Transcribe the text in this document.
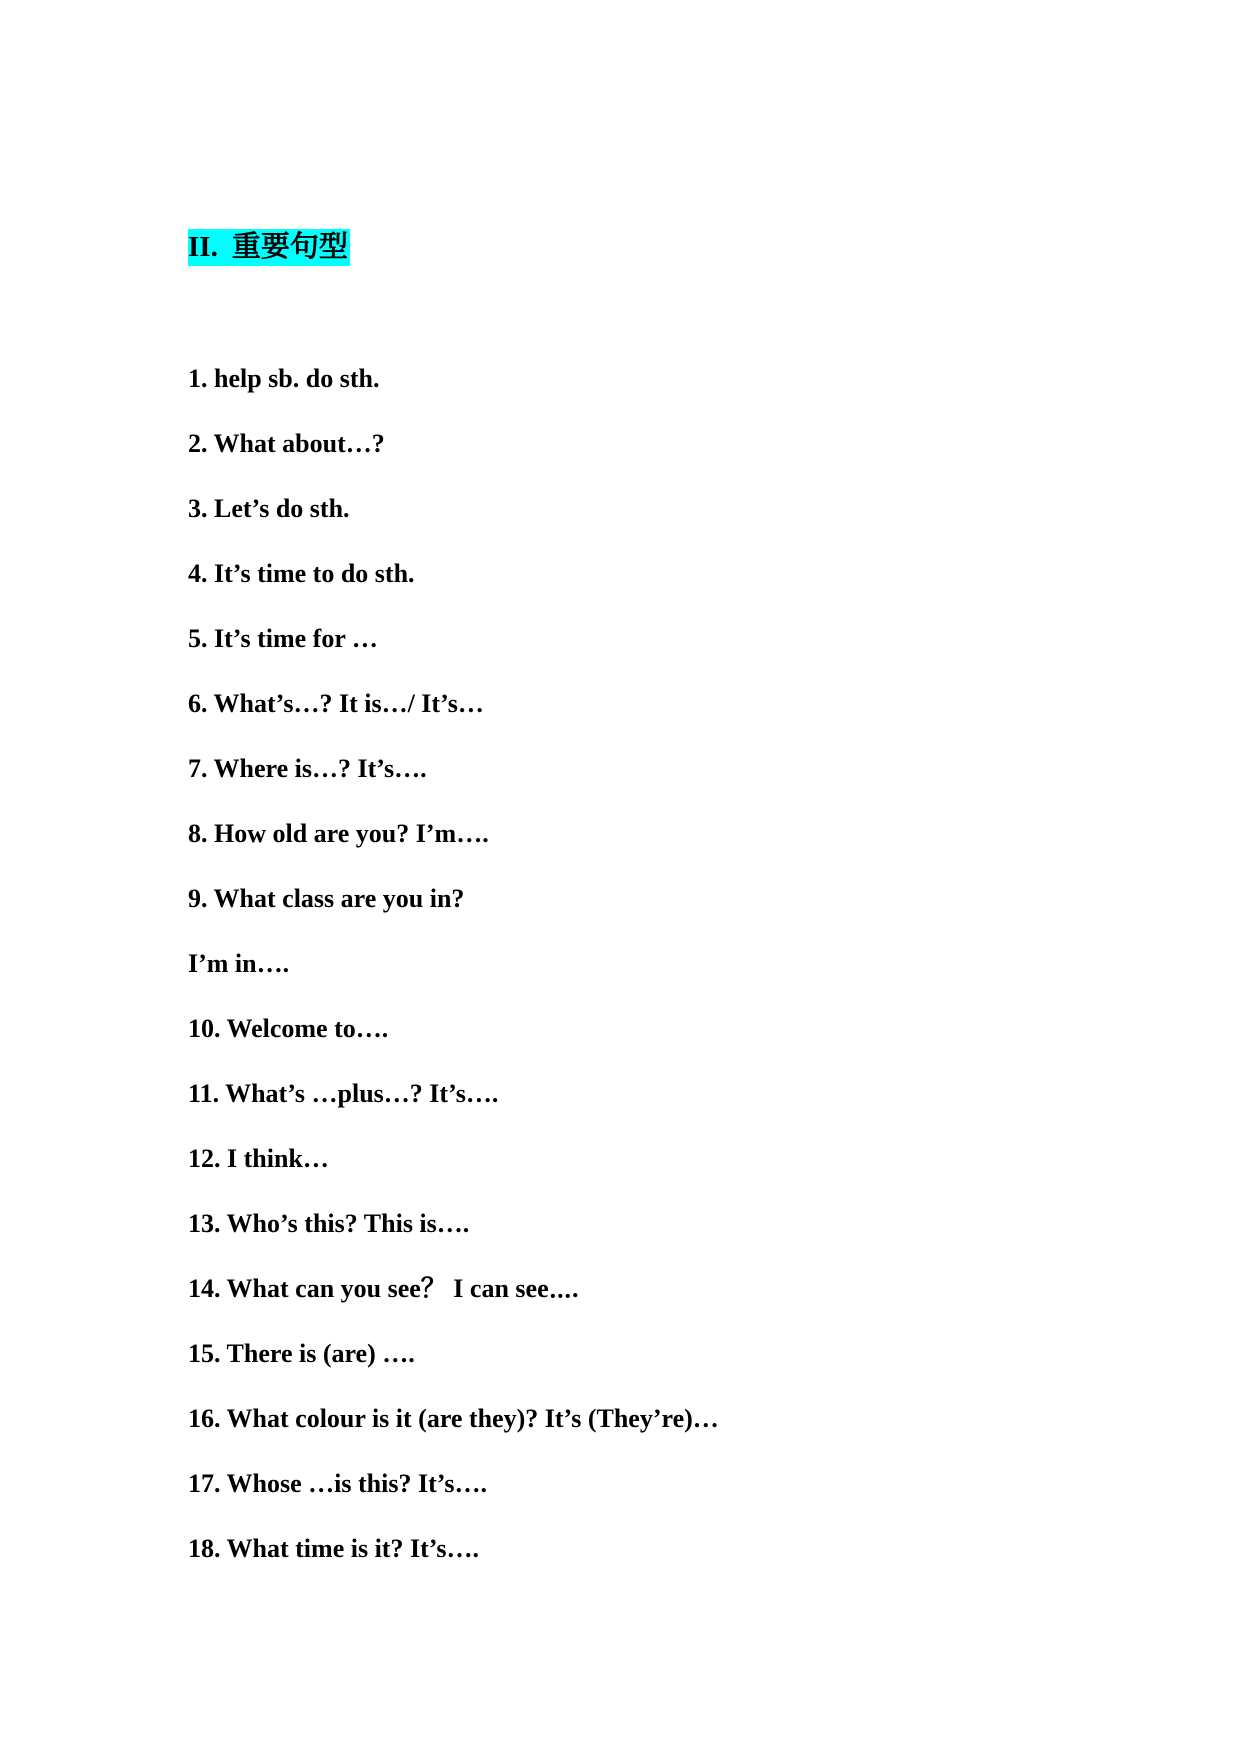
II. 重要句型
1. help sb. do sth.
2. What about…?
3. Let’s do sth.
4. It’s time to do sth.
5. It’s time for …
6. What’s…? It is…/ It’s…
7. Where is…? It’s….
8. How old are you? I’m….
9. What class are you in?
I’m in….
10. Welcome to….
11. What’s …plus…? It’s….
12. I think…
13. Who’s this? This is….
14. What can you see？ I can see⋯.
15. There is (are) ….
16. What colour is it (are they)? It’s (They’re)…
17. Whose …is this? It’s….
18. What time is it? It’s….
